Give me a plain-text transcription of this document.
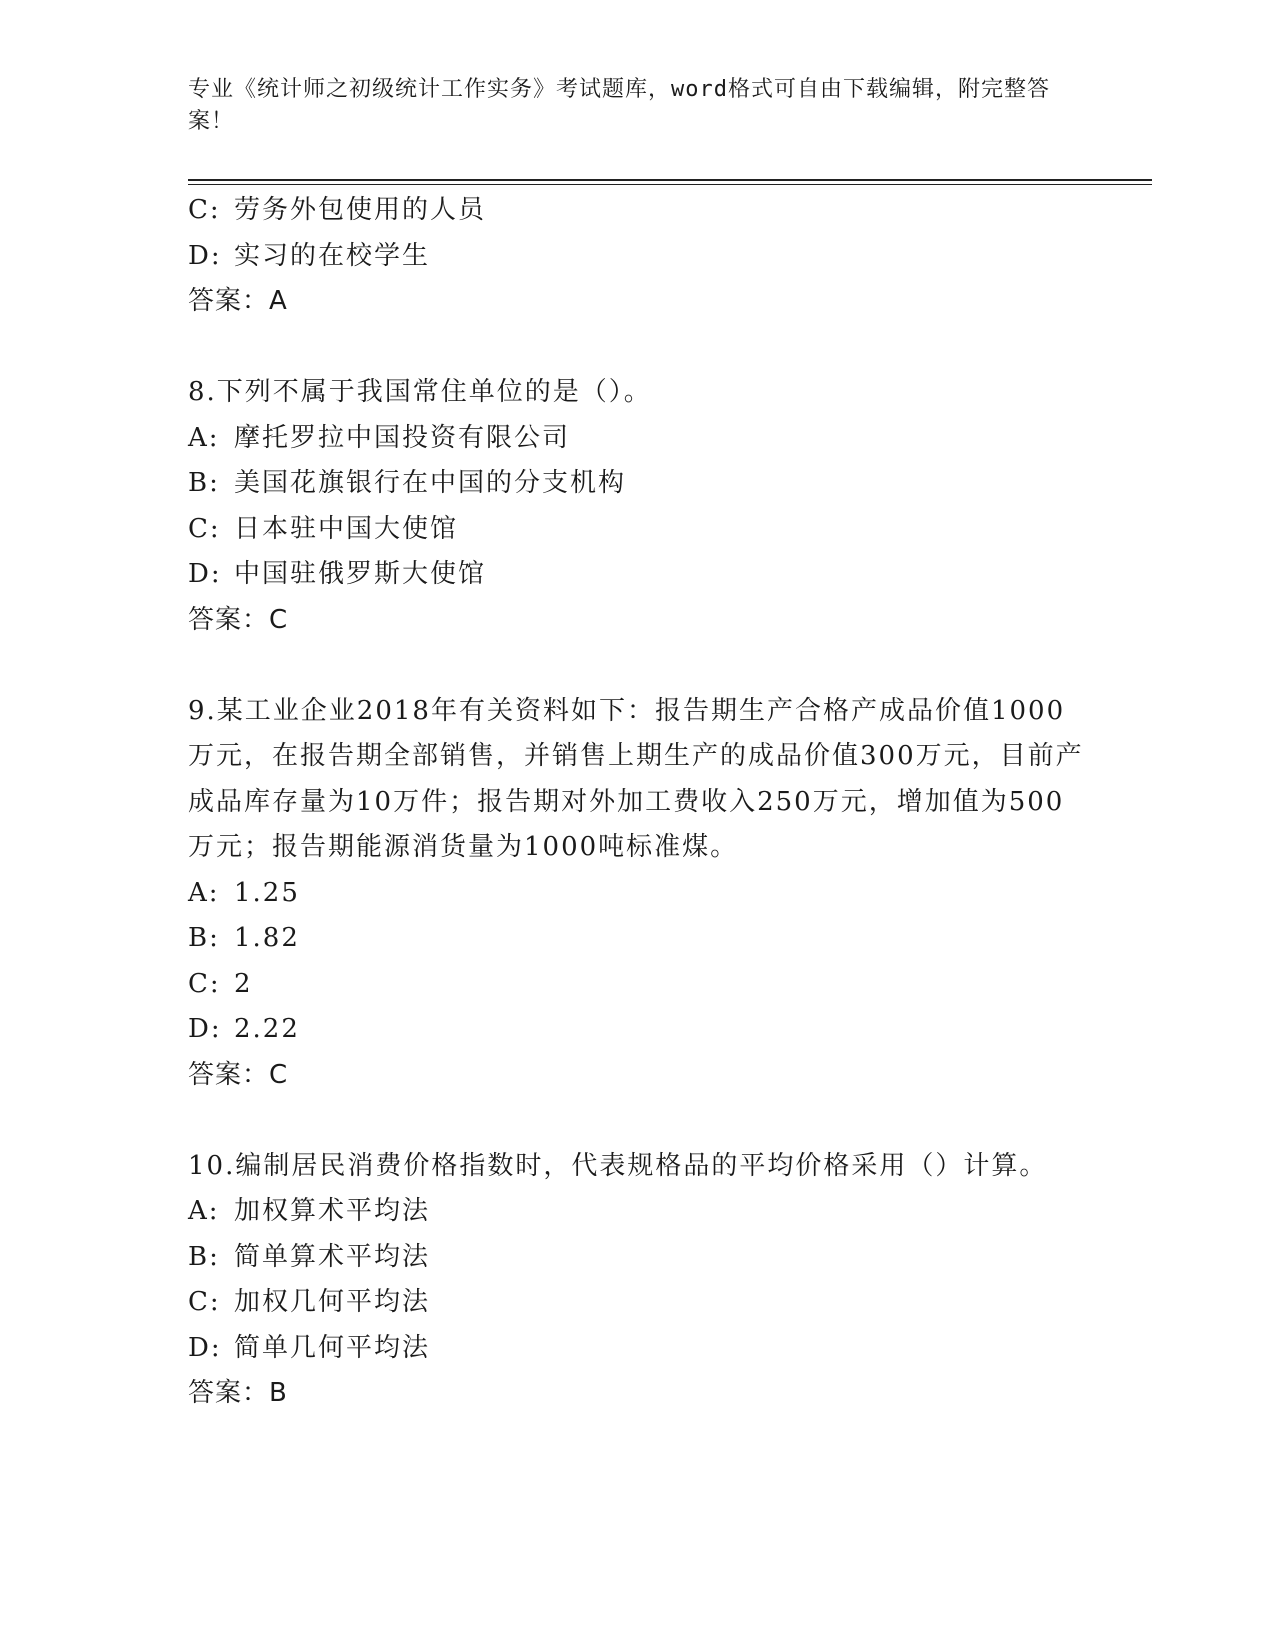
专业《统计师之初级统计工作实务》考试题库，word格式可自由下载编辑，附完整答案！
C: 劳务外包使用的人员
D: 实习的在校学生
答案：A
8.下列不属于我国常住单位的是（）。
A: 摩托罗拉中国投资有限公司
B: 美国花旗银行在中国的分支机构
C: 日本驻中国大使馆
D: 中国驻俄罗斯大使馆
答案：C
9.某工业企业2018年有关资料如下：报告期生产合格产成品价值1000万元，在报告期全部销售，并销售上期生产的成品价值300万元，目前产成品库存量为10万件；报告期对外加工费收入250万元，增加值为500万元；报告期能源消货量为1000吨标准煤。
A: 1.25
B: 1.82
C: 2
D: 2.22
答案：C
10.编制居民消费价格指数时，代表规格品的平均价格采用（）计算。
A: 加权算术平均法
B: 简单算术平均法
C: 加权几何平均法
D: 简单几何平均法
答案：B
